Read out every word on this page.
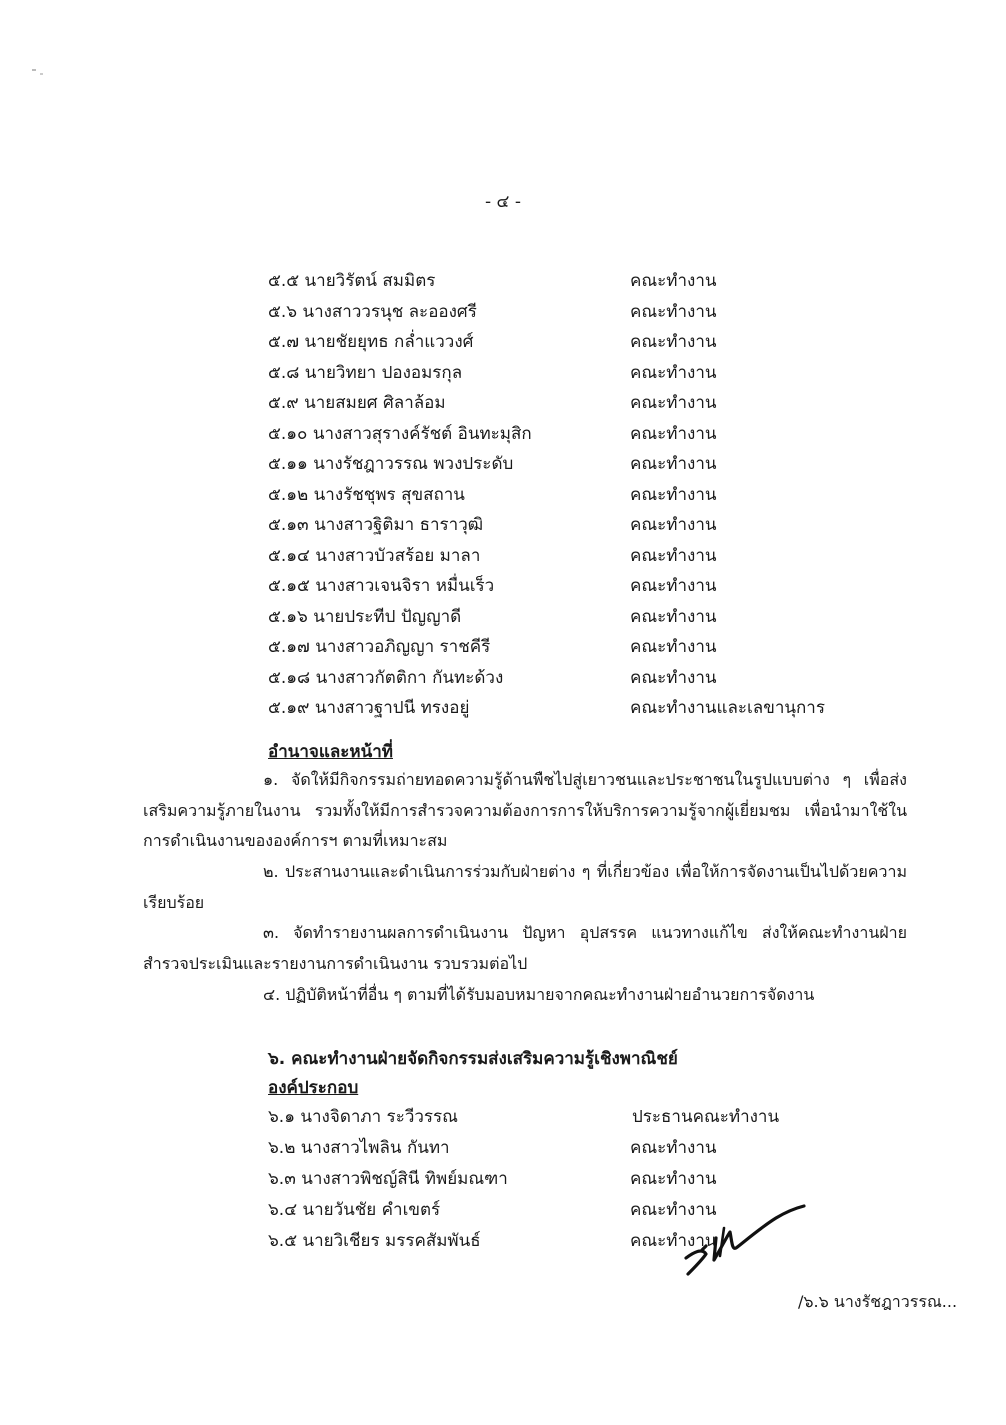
- ๔ -
๕.๕ นายวิรัตน์ สมมิตร	คณะทำงาน
๕.๖ นางสาววรนุช ละอองศรี	คณะทำงาน
๕.๗ นายชัยยุทธ กล่ำแววงศ์	คณะทำงาน
๕.๘ นายวิทยา ปองอมรกุล	คณะทำงาน
๕.๙ นายสมยศ ศิลาล้อม	คณะทำงาน
๕.๑๐ นางสาวสุรางค์รัชต์ อินทะมุสิก	คณะทำงาน
๕.๑๑ นางรัชฎาวรรณ พวงประดับ	คณะทำงาน
๕.๑๒ นางรัชชุพร สุขสถาน	คณะทำงาน
๕.๑๓ นางสาวฐิติมา ธาราวุฒิ	คณะทำงาน
๕.๑๔ นางสาวบัวสร้อย มาลา	คณะทำงาน
๕.๑๕ นางสาวเจนจิรา หมื่นเร็ว	คณะทำงาน
๕.๑๖ นายประทีป ปัญญาดี	คณะทำงาน
๕.๑๗ นางสาวอภิญญา ราชคีรี	คณะทำงาน
๕.๑๘ นางสาวกัตติกา กันทะด้วง	คณะทำงาน
๕.๑๙ นางสาวฐาปนี ทรงอยู่	คณะทำงานและเลขานุการ
อำนาจและหน้าที่
๑. จัดให้มีกิจกรรมถ่ายทอดความรู้ด้านพืชไปสู่เยาวชนและประชาชนในรูปแบบต่าง ๆ เพื่อส่งเสริมความรู้ภายในงาน รวมทั้งให้มีการสำรวจความต้องการการให้บริการความรู้จากผู้เยี่ยมชม เพื่อนำมาใช้ในการดำเนินงานขององค์การฯ ตามที่เหมาะสม
๒. ประสานงานและดำเนินการร่วมกับฝ่ายต่าง ๆ ที่เกี่ยวข้อง เพื่อให้การจัดงานเป็นไปด้วยความเรียบร้อย
๓. จัดทำรายงานผลการดำเนินงาน ปัญหา อุปสรรค แนวทางแก้ไข ส่งให้คณะทำงานฝ่ายสำรวจประเมินและรายงานการดำเนินงาน รวบรวมต่อไป
๔. ปฏิบัติหน้าที่อื่น ๆ ตามที่ได้รับมอบหมายจากคณะทำงานฝ่ายอำนวยการจัดงาน
๖. คณะทำงานฝ่ายจัดกิจกรรมส่งเสริมความรู้เชิงพาณิชย์
องค์ประกอบ
๖.๑ นางจิดาภา ระวีวรรณ	ประธานคณะทำงาน
๖.๒ นางสาวไพลิน กันทา	คณะทำงาน
๖.๓ นางสาวพิชญ์สินี ทิพย์มณฑา	คณะทำงาน
๖.๔ นายวันชัย คำเขตร์	คณะทำงาน
๖.๕ นายวิเชียร มรรคสัมพันธ์	คณะทำงาน
/๖.๖ นางรัชฎาวรรณ...
